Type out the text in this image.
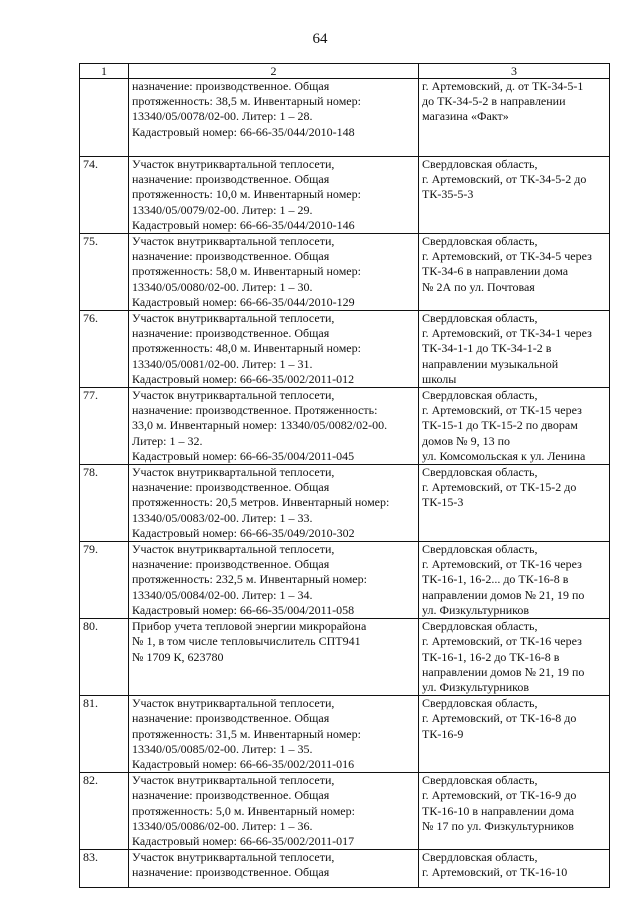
64
1	2	3

	назначение: производственное. Общая
протяженность: 38,5 м. Инвентарный номер:
13340/05/0078/02-00. Литер: 1 – 28.
Кадастровый номер: 66-66-35/044/2010-148	г. Артемовский, д. от ТК-34-5-1
до ТК-34-5-2 в направлении
магазина «Факт»

74.	Участок внутриквартальной теплосети,
назначение: производственное. Общая
протяженность: 10,0 м. Инвентарный номер:
13340/05/0079/02-00. Литер: 1 – 29.
Кадастровый номер: 66-66-35/044/2010-146	Свердловская область,
г. Артемовский, от ТК-34-5-2 до
ТК-35-5-3

75.	Участок внутриквартальной теплосети,
назначение: производственное. Общая
протяженность: 58,0 м. Инвентарный номер:
13340/05/0080/02-00. Литер: 1 – 30.
Кадастровый номер: 66-66-35/044/2010-129	Свердловская область,
г. Артемовский, от ТК-34-5 через
ТК-34-6 в направлении дома
№ 2А по ул. Почтовая

76.	Участок внутриквартальной теплосети,
назначение: производственное. Общая
протяженность: 48,0 м. Инвентарный номер:
13340/05/0081/02-00. Литер: 1 – 31.
Кадастровый номер: 66-66-35/002/2011-012	Свердловская область,
г. Артемовский, от ТК-34-1 через
ТК-34-1-1 до ТК-34-1-2 в
направлении музыкальной
школы

77.	Участок внутриквартальной теплосети,
назначение: производственное. Протяженность:
33,0 м. Инвентарный номер: 13340/05/0082/02-00.
Литер: 1 – 32.
Кадастровый номер: 66-66-35/004/2011-045	Свердловская область,
г. Артемовский, от ТК-15 через
ТК-15-1 до ТК-15-2 по дворам
домов № 9, 13 по
ул. Комсомольская к ул. Ленина

78.	Участок внутриквартальной теплосети,
назначение: производственное. Общая
протяженность: 20,5 метров. Инвентарный номер:
13340/05/0083/02-00. Литер: 1 – 33.
Кадастровый номер: 66-66-35/049/2010-302	Свердловская область,
г. Артемовский, от ТК-15-2 до
ТК-15-3

79.	Участок внутриквартальной теплосети,
назначение: производственное. Общая
протяженность: 232,5 м. Инвентарный номер:
13340/05/0084/02-00. Литер: 1 – 34.
Кадастровый номер: 66-66-35/004/2011-058	Свердловская область,
г. Артемовский, от ТК-16 через
ТК-16-1, 16-2... до ТК-16-8 в
направлении домов № 21, 19 по
ул. Физкультурников

80.	Прибор учета тепловой энергии микрорайона
№ 1, в том числе тепловычислитель СПТ941
№ 1709 К, 623780	Свердловская область,
г. Артемовский, от ТК-16 через
ТК-16-1, 16-2 до ТК-16-8 в
направлении домов № 21, 19 по
ул. Физкультурников

81.	Участок внутриквартальной теплосети,
назначение: производственное. Общая
протяженность: 31,5 м. Инвентарный номер:
13340/05/0085/02-00. Литер: 1 – 35.
Кадастровый номер: 66-66-35/002/2011-016	Свердловская область,
г. Артемовский, от ТК-16-8 до
ТК-16-9

82.	Участок внутриквартальной теплосети,
назначение: производственное. Общая
протяженность: 5,0 м. Инвентарный номер:
13340/05/0086/02-00. Литер: 1 – 36.
Кадастровый номер: 66-66-35/002/2011-017	Свердловская область,
г. Артемовский, от ТК-16-9 до
ТК-16-10 в направлении дома
№ 17 по ул. Физкультурников

83.	Участок внутриквартальной теплосети,
назначение: производственное. Общая	Свердловская область,
г. Артемовский, от ТК-16-10
